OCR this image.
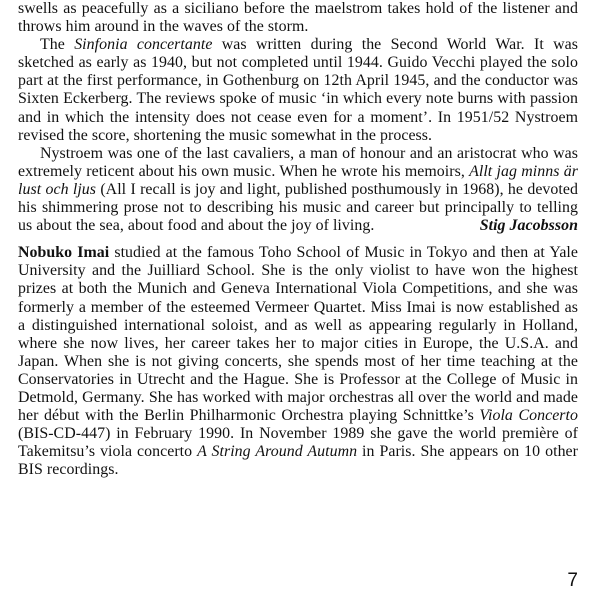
swells as peacefully as a siciliano before the maelstrom takes hold of the listener and throws him around in the waves of the storm.

The Sinfonia concertante was written during the Second World War. It was sketched as early as 1940, but not completed until 1944. Guido Vecchi played the solo part at the first performance, in Gothenburg on 12th April 1945, and the conductor was Sixten Eckerberg. The reviews spoke of music ‘in which every note burns with passion and in which the intensity does not cease even for a moment’. In 1951/52 Nystroem revised the score, shortening the music somewhat in the process.

Nystroem was one of the last cavaliers, a man of honour and an aristocrat who was extremely reticent about his own music. When he wrote his memoirs, Allt jag minns är lust och ljus (All I recall is joy and light, published posthumously in 1968), he devoted his shimmering prose not to describing his music and career but principally to telling us about the sea, about food and about the joy of living.	Stig Jacobsson

Nobuko Imai studied at the famous Toho School of Music in Tokyo and then at Yale University and the Juilliard School. She is the only violist to have won the highest prizes at both the Munich and Geneva International Viola Competitions, and she was formerly a member of the esteemed Vermeer Quartet. Miss Imai is now established as a distinguished international soloist, and as well as appearing regularly in Holland, where she now lives, her career takes her to major cities in Europe, the U.S.A. and Japan. When she is not giving concerts, she spends most of her time teaching at the Conservatories in Utrecht and the Hague. She is Professor at the College of Music in Detmold, Germany. She has worked with major orchestras all over the world and made her début with the Berlin Philharmonic Orchestra playing Schnittke’s Viola Concerto (BIS-CD-447) in February 1990. In November 1989 she gave the world première of Takemitsu’s viola concerto A String Around Autumn in Paris. She appears on 10 other BIS recordings.

7
